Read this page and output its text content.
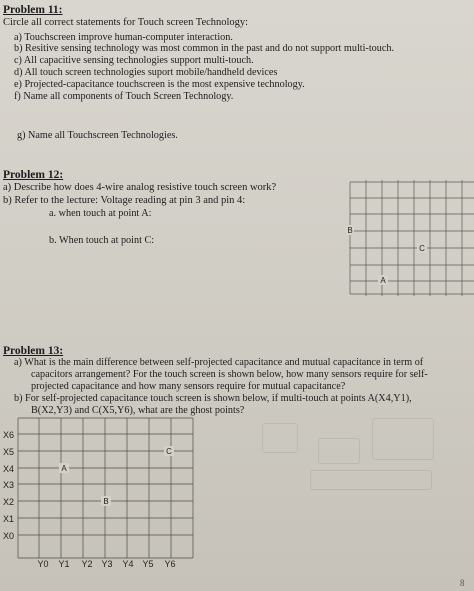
Problem 11:
Circle all correct statements for Touch screen Technology:
a) Touchscreen improve human-computer interaction.
b) Resitive sensing technology was most common in the past and do not support multi-touch.
c) All capacitive sensing technologies support multi-touch.
d) All touch screen technologies suport mobile/handheld devices
e) Projected-capacitance touchscreen is the most expensive technology.
f) Name all components of Touch Screen Technology.
g) Name all Touchscreen Technologies.
Problem 12:
a) Describe how does 4-wire analog resistive touch screen work?
b) Refer to the lecture: Voltage reading at pin 3 and pin 4:
a. when touch at point A:
b. When touch at point C:
B
C
A
Problem 13:
a) What is the main difference between self-projected capacitance and mutual capacitance in term of
capacitors arrangement? For the touch screen is shown below, how many sensors require for self-
projected capacitance and how many sensors require for mutual capacitance?
b) For self-projected capacitance touch screen is shown below, if multi-touch at points A(X4,Y1),
B(X2,Y3) and C(X5,Y6), what are the ghost points?
X6
X5
X4
X3
X2
X1
X0
Y0 Y1 Y2 Y3 Y4 Y5 Y6
C
A
B
8
